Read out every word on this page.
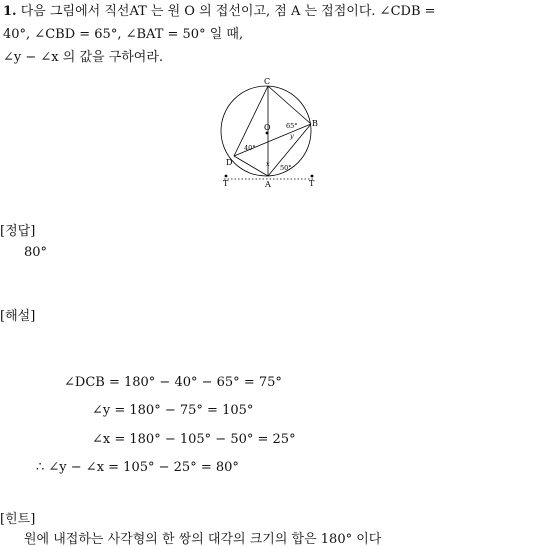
1. 다음 그림에서 직선AT 는 원 O 의 접선이고, 점 A 는 접점이다. ∠CDB =
40°, ∠CBD = 65°, ∠BAT = 50° 일 때,
∠y − ∠x 의 값을 구하여라.
C
O	B
D
A
T	T
65°
40°
50°
x
y
[정답]
80°
[해설]
∠DCB = 180° − 40° − 65° = 75°
∠y = 180° − 75° = 105°
∠x = 180° − 105° − 50° = 25°
∴ ∠y − ∠x = 105° − 25° = 80°
[힌트]
원에 내접하는 사각형의 한 쌍의 대각의 크기의 합은 180° 이다
